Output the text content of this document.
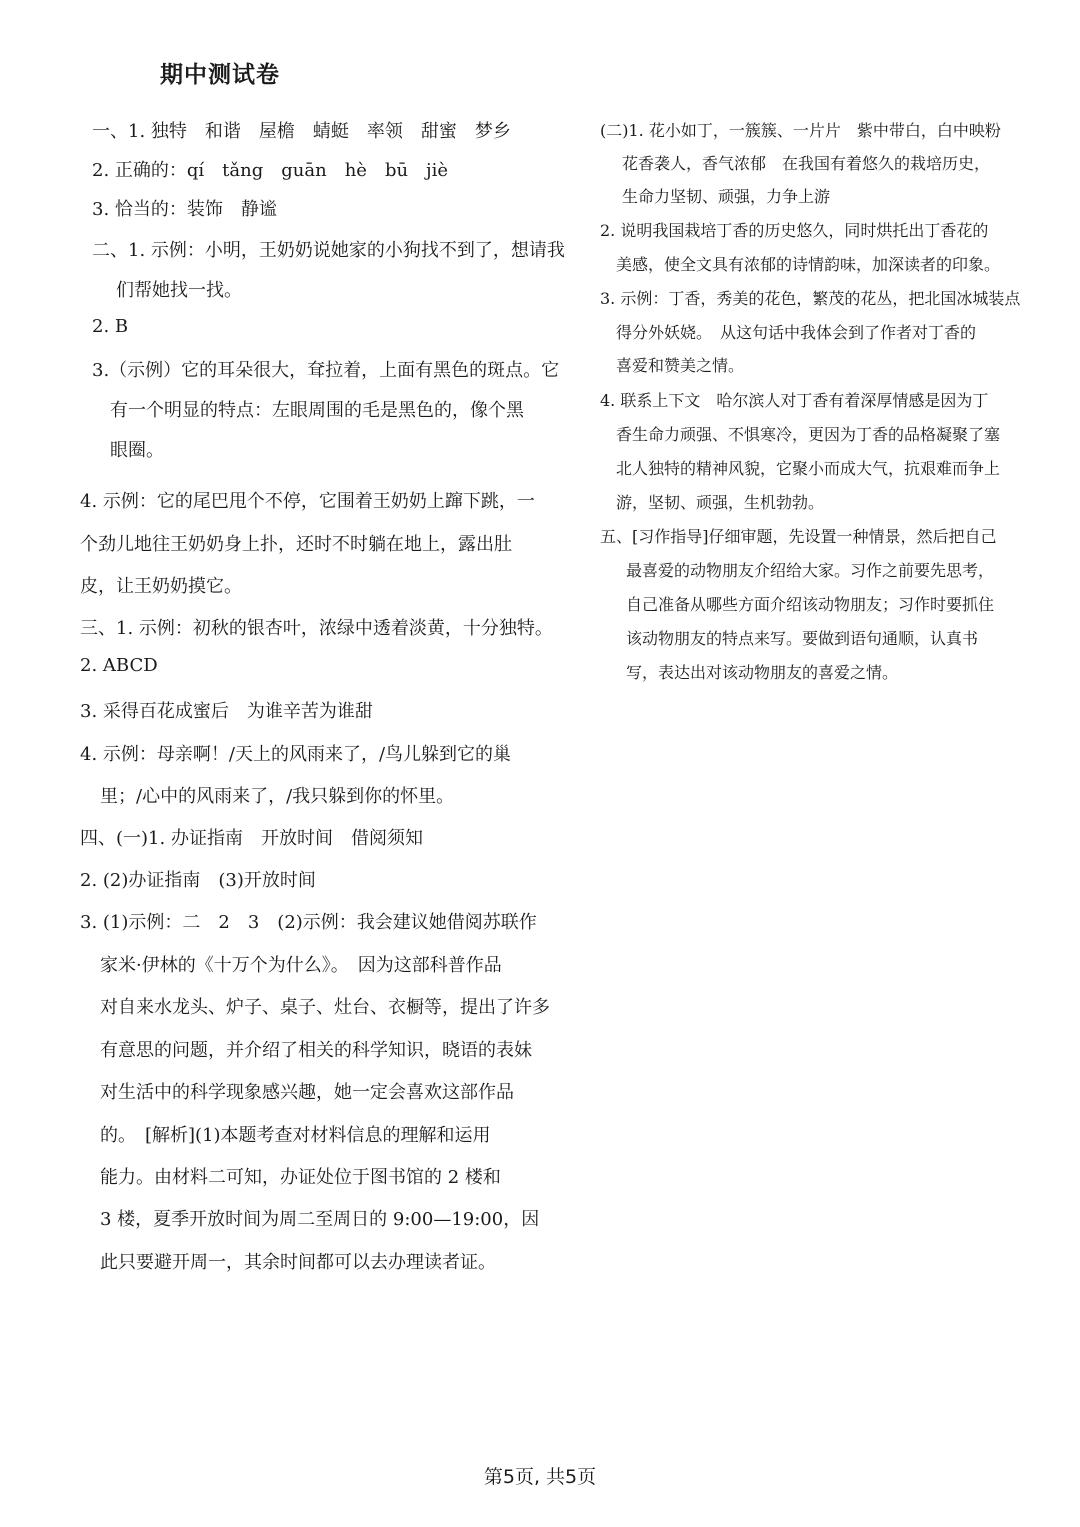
期中测试卷
一、1. 独特　和谐　屋檐　蜻蜓　率领　甜蜜　梦乡
2. 正确的：qí　tǎng　guān　hè　bū　jiè
3. 恰当的：装饰　静谧
二、1. 示例：小明，王奶奶说她家的小狗找不到了，想请我
们帮她找一找。
2. B
3.（示例）它的耳朵很大，耷拉着，上面有黑色的斑点。它
有一个明显的特点：左眼周围的毛是黑色的，像个黑
眼圈。
4. 示例：它的尾巴甩个不停，它围着王奶奶上蹿下跳，一
个劲儿地往王奶奶身上扑，还时不时躺在地上，露出肚
皮，让王奶奶摸它。
三、1. 示例：初秋的银杏叶，浓绿中透着淡黄，十分独特。
2. ABCD
3. 采得百花成蜜后　为谁辛苦为谁甜
4. 示例：母亲啊！/天上的风雨来了，/鸟儿躲到它的巢
里；/心中的风雨来了，/我只躲到你的怀里。
四、(一)1. 办证指南　开放时间　借阅须知
2. (2)办证指南　(3)开放时间
3. (1)示例：二　2　3　(2)示例：我会建议她借阅苏联作
家米·伊林的《十万个为什么》。　因为这部科普作品
对自来水龙头、炉子、桌子、灶台、衣橱等，提出了许多
有意思的问题，并介绍了相关的科学知识，晓语的表妹
对生活中的科学现象感兴趣，她一定会喜欢这部作品
的。　[解析](1)本题考查对材料信息的理解和运用
能力。由材料二可知，办证处位于图书馆的 2 楼和
3 楼，夏季开放时间为周二至周日的 9:00—19:00，因
此只要避开周一，其余时间都可以去办理读者证。
(二)1. 花小如丁，一簇簇、一片片　紫中带白，白中映粉
花香袭人，香气浓郁　在我国有着悠久的栽培历史，
生命力坚韧、顽强，力争上游
2. 说明我国栽培丁香的历史悠久，同时烘托出丁香花的
美感，使全文具有浓郁的诗情韵味，加深读者的印象。
3. 示例：丁香，秀美的花色，繁茂的花丛，把北国冰城装点
得分外妖娆。　从这句话中我体会到了作者对丁香的
喜爱和赞美之情。
4. 联系上下文　哈尔滨人对丁香有着深厚情感是因为丁
香生命力顽强、不惧寒冷，更因为丁香的品格凝聚了塞
北人独特的精神风貌，它聚小而成大气，抗艰难而争上
游，坚韧、顽强，生机勃勃。
五、[习作指导]仔细审题，先设置一种情景，然后把自己
最喜爱的动物朋友介绍给大家。习作之前要先思考，
自己准备从哪些方面介绍该动物朋友；习作时要抓住
该动物朋友的特点来写。要做到语句通顺，认真书
写，表达出对该动物朋友的喜爱之情。
第5页, 共5页
